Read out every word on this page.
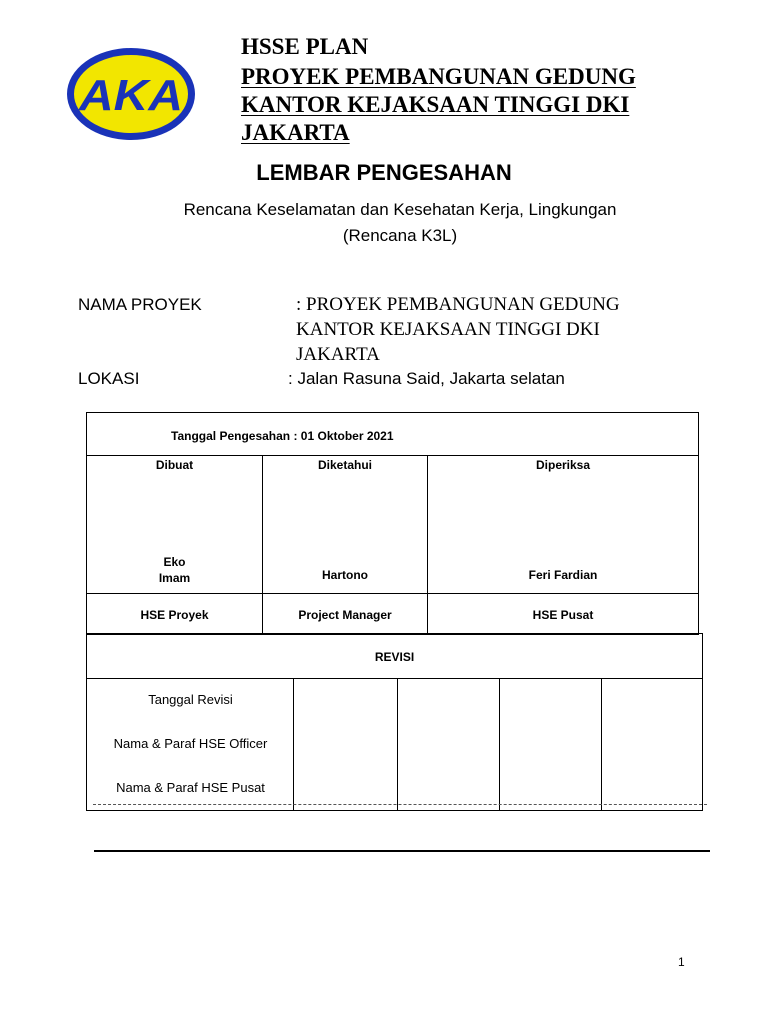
AKA
HSSE PLAN
PROYEK PEMBANGUNAN GEDUNG
KANTOR KEJAKSAAN TINGGI DKI
JAKARTA
LEMBAR PENGESAHAN
Rencana Keselamatan dan Kesehatan Kerja, Lingkungan
(Rencana K3L)
NAMA PROYEK	: PROYEK PEMBANGUNAN GEDUNG
KANTOR KEJAKSAAN TINGGI DKI
JAKARTA
LOKASI	: Jalan Rasuna Said, Jakarta selatan
Tanggal Pengesahan : 01 Oktober 2021
Dibuat	Diketahui	Diperiksa
Eko
Imam	Hartono	Feri Fardian
HSE Proyek	Project Manager	HSE Pusat
REVISI
Tanggal Revisi
Nama & Paraf HSE Officer
Nama & Paraf HSE Pusat
1
